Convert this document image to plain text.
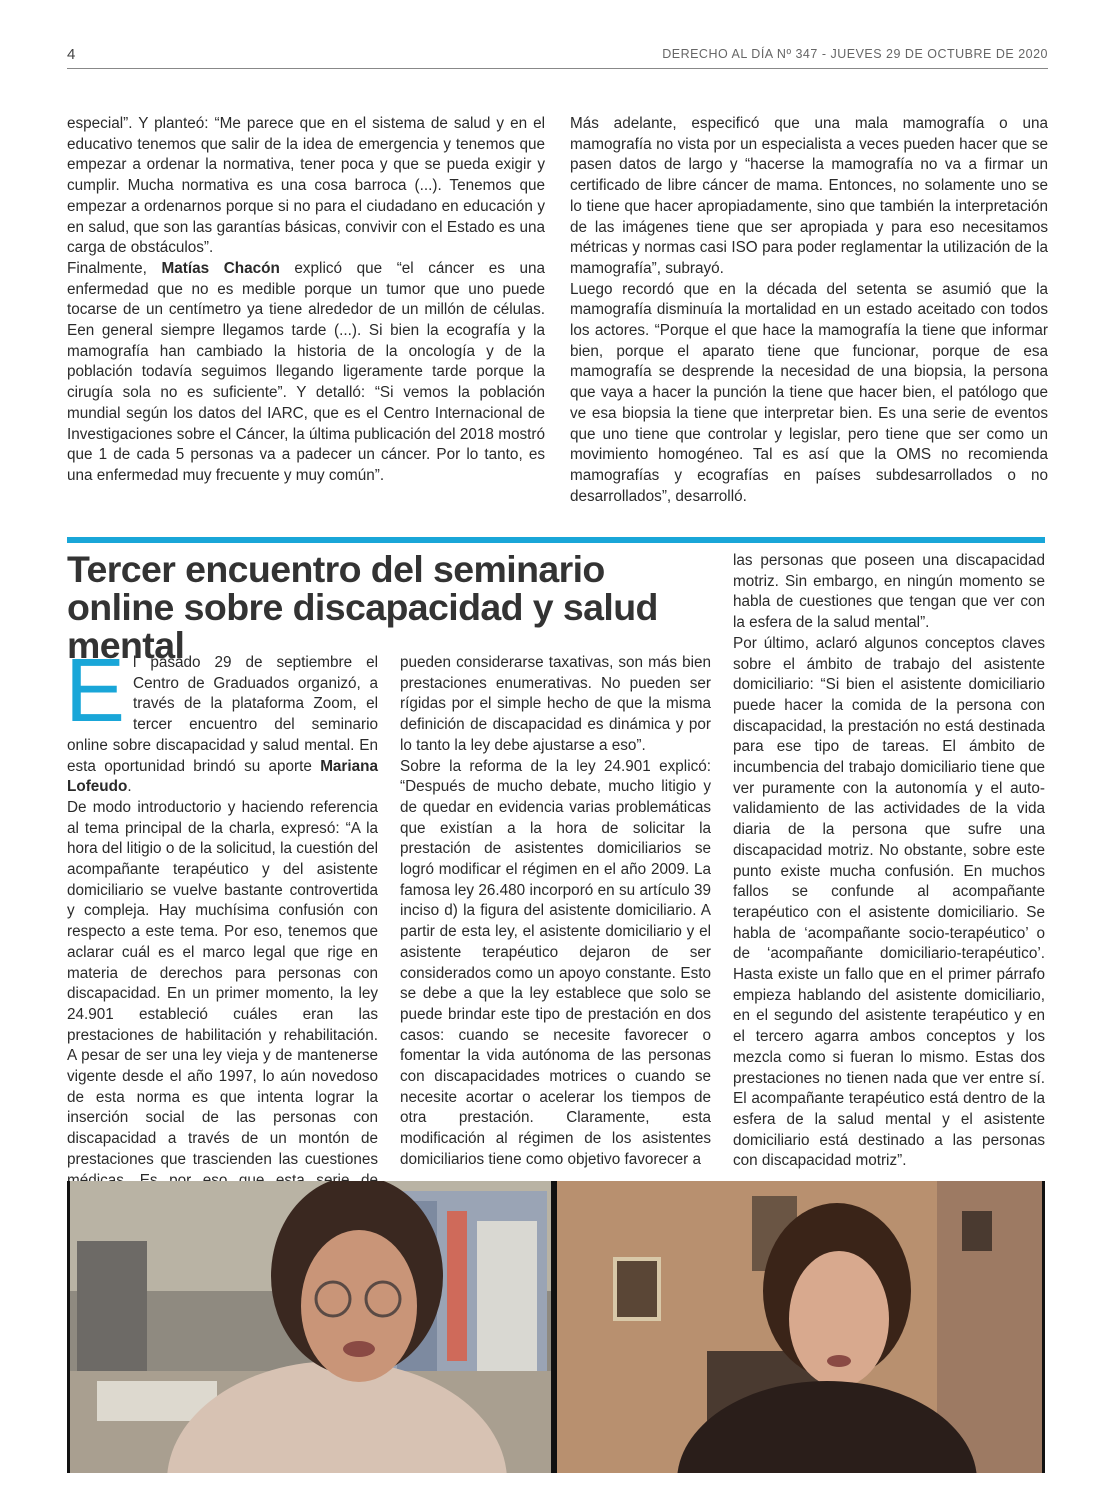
4	DERECHO AL DÍA Nº 347 - JUEVES 29 DE OCTUBRE DE 2020

especial”. Y planteó: “Me parece que en el sistema de salud y en el educativo tenemos que salir de la idea de emergencia y tenemos que empezar a ordenar la normativa, tener poca y que se pueda exigir y cumplir. Mucha normativa es una cosa barroca (...). Tenemos que empezar a ordenarnos porque si no para el ciudadano en educación y en salud, que son las garantías básicas, convivir con el Estado es una carga de obstáculos”.

Finalmente, Matías Chacón explicó que “el cáncer es una enfermedad que no es medible porque un tumor que uno puede tocarse de un centímetro ya tiene alrededor de un millón de células. Een general siempre llegamos tarde (...). Si bien la ecografía y la mamografía han cambiado la historia de la oncología y de la población todavía seguimos llegando ligeramente tarde porque la cirugía sola no es suficiente”. Y detalló: “Si vemos la población mundial según los datos del IARC, que es el Centro Internacional de Investigaciones sobre el Cáncer, la última publicación del 2018 mostró que 1 de cada 5 personas va a padecer un cáncer. Por lo tanto, es una enfermedad muy frecuente y muy común”.

Más adelante, especificó que una mala mamografía o una mamografía no vista por un especialista a veces pueden hacer que se pasen datos de largo y “hacerse la mamografía no va a firmar un certificado de libre cáncer de mama. Entonces, no solamente uno se lo tiene que hacer apropiadamente, sino que también la interpretación de las imágenes tiene que ser apropiada y para eso necesitamos métricas y normas casi ISO para poder reglamentar la utilización de la mamografía”, subrayó.

Luego recordó que en la década del setenta se asumió que la mamografía disminuía la mortalidad en un estado aceitado con todos los actores. “Porque el que hace la mamografía la tiene que informar bien, porque el aparato tiene que funcionar, porque de esa mamografía se desprende la necesidad de una biopsia, la persona que vaya a hacer la punción la tiene que hacer bien, el patólogo que ve esa biopsia la tiene que interpretar bien. Es una serie de eventos que uno tiene que controlar y legislar, pero tiene que ser como un movimiento homogéneo. Tal es así que la OMS no recomienda mamografías y ecografías en países subdesarrollados o no desarrollados”, desarrolló.

Tercer encuentro del seminario online sobre discapacidad y salud mental

El pasado 29 de septiembre el Centro de Graduados organizó, a través de la plataforma Zoom, el tercer encuentro del seminario online sobre discapacidad y salud mental. En esta oportunidad brindó su aporte Mariana Lofeudo.

De modo introductorio y haciendo referencia al tema principal de la charla, expresó: “A la hora del litigio o de la solicitud, la cuestión del acompañante terapéutico y del asistente domiciliario se vuelve bastante controvertida y compleja. Hay muchísima confusión con respecto a este tema. Por eso, tenemos que aclarar cuál es el marco legal que rige en materia de derechos para personas con discapacidad. En un primer momento, la ley 24.901 estableció cuáles eran las prestaciones de habilitación y rehabilitación. A pesar de ser una ley vieja y de mantenerse vigente desde el año 1997, lo aún novedoso de esta norma es que intenta lograr la inserción social de las personas con discapacidad a través de un montón de prestaciones que trascienden las cuestiones

pueden considerarse taxativas, son más bien prestaciones enumerativas. No pueden ser rígidas por el simple hecho de que la misma definición de discapacidad es dinámica y por lo tanto la ley debe ajustarse a eso”.

Sobre la reforma de la ley 24.901 explicó: “Después de mucho debate, mucho litigio y de quedar en evidencia varias problemáticas que existían a la hora de solicitar la prestación de asistentes domiciliarios se logró modificar el régimen en el año 2009. La famosa ley 26.480 incorporó en su artículo 39 inciso d) la figura del asistente domiciliario. A partir de esta ley, el asistente domiciliario y el asistente terapéutico dejaron de ser considerados como un apoyo constante. Esto se debe a que la ley establece que solo se puede brindar este tipo de prestación en dos casos: cuando se necesite favorecer o fomentar la vida autónoma de las personas con discapacidades motrices o cuando se necesite acortar o acelerar los tiempos de otra prestación. Claramente, esta modificación al régimen de los asistentes domiciliarios tiene como objetivo favorecer a

las personas que poseen una discapacidad motriz. Sin embargo, en ningún momento se habla de cuestiones que tengan que ver con la esfera de la salud mental”.

Por último, aclaró algunos conceptos claves sobre el ámbito de trabajo del asistente domiciliario: “Si bien el asistente domiciliario puede hacer la comida de la persona con discapacidad, la prestación no está destinada para ese tipo de tareas. El ámbito de incumbencia del trabajo domiciliario tiene que ver puramente con la autonomía y el auto-validamiento de las actividades de la vida diaria de la persona que sufre una discapacidad motriz. No obstante, sobre este punto existe mucha confusión. En muchos fallos se confunde al acompañante terapéutico con el asistente domiciliario. Se habla de ‘acompañante socio-terapéutico’ o de ‘acompañante domiciliario-terapéutico’. Hasta existe un fallo que en el primer párrafo empieza hablando del asistente domiciliario, en el segundo del asistente terapéutico y en el tercero agarra ambos conceptos y los mezcla como si fueran lo mismo. Estas dos prestaciones no tienen nada que ver entre sí. El acompañante terapéutico está dentro de la esfera de la salud mental y el asistente domiciliario está destinado a las personas con discapacidad motriz”.
